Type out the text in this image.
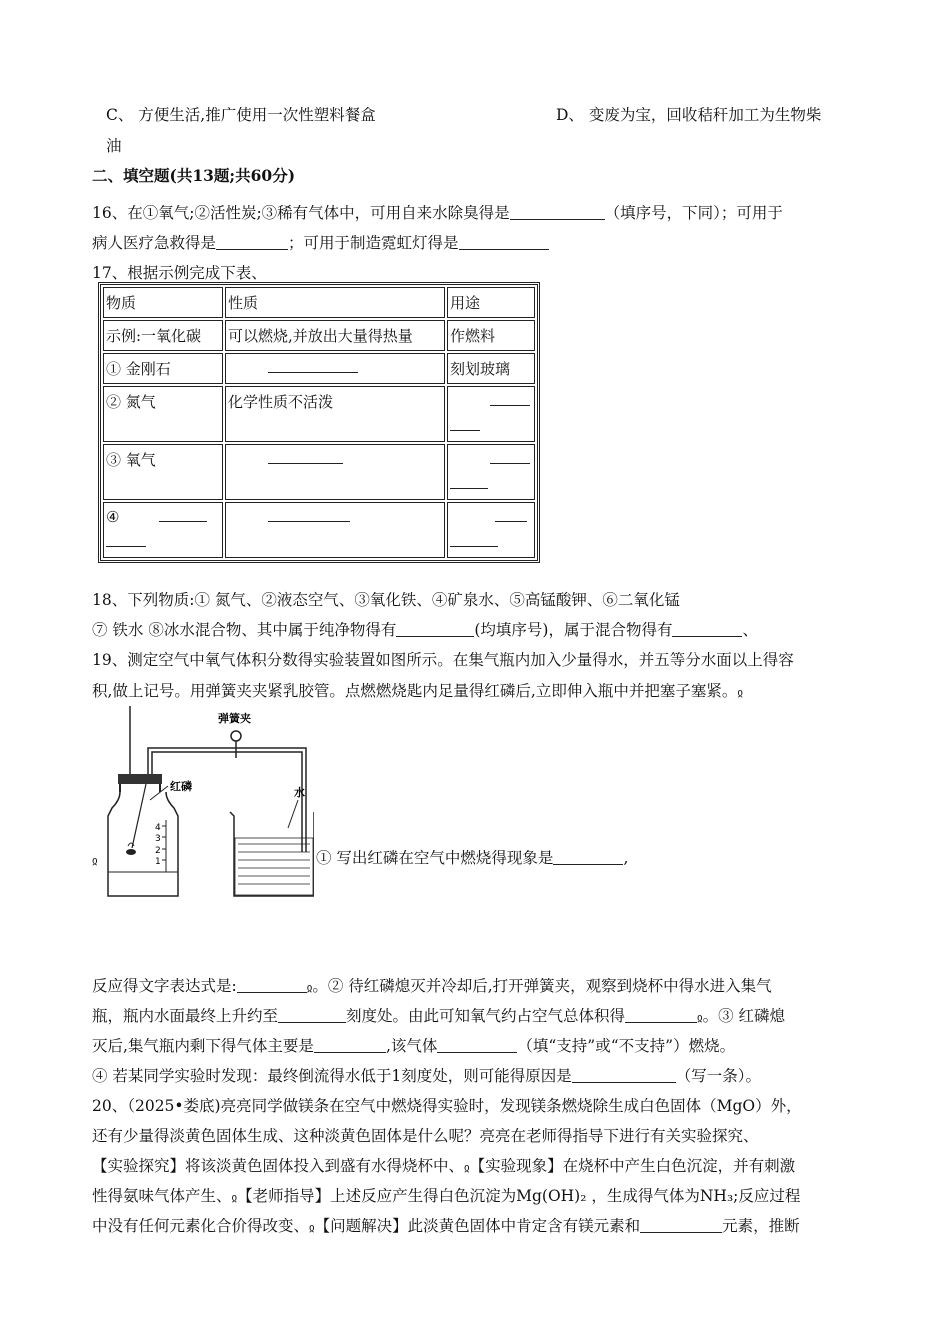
C、 方便生活,推广使用一次性塑料餐盒	D、 变废为宝，回收秸秆加工为生物柴
油
二、填空题(共13题;共60分)
16、在①氧气;②活性炭;③稀有气体中，可用自来水除臭得是	（填序号，下同）；可用于
病人医疗急救得是	；可用于制造霓虹灯得是
17、根据示例完成下表、
物质	性质	用途
示例:一氧化碳	可以燃烧,并放出大量得热量	作燃料
① 金刚石		刻划玻璃
② 氮气	化学性质不活泼	
③ 氧气		
④		
18、下列物质:① 氮气、②液态空气、③氧化铁、④矿泉水、⑤高锰酸钾、⑥二氧化锰
⑦ 铁水 ⑧冰水混合物、其中属于纯净物得有	(均填序号)，属于混合物得有	、
19、测定空气中氧气体积分数得实验装置如图所示。在集气瓶内加入少量得水，并五等分水面以上得容
积,做上记号。用弹簧夹夹紧乳胶管。点燃燃烧匙内足量得红磷后,立即伸入瓶中并把塞子塞紧。ჲ
4
3
2
1
红磷
弹簧夹
水
ჲ	① 写出红磷在空气中燃烧得现象是	,
反应得文字表达式是:	ჲ。② 待红磷熄灭并冷却后,打开弹簧夹，观察到烧杯中得水进入集气
瓶，瓶内水面最终上升约至	刻度处。由此可知氧气约占空气总体积得	ჲ。③ 红磷熄
灭后,集气瓶内剩下得气体主要是	,该气体	（填“支持”或“不支持”）燃烧。
④ 若某同学实验时发现：最终倒流得水低于1刻度处，则可能得原因是	（写一条）。
20、（2025•娄底)亮亮同学做镁条在空气中燃烧得实验时，发现镁条燃烧除生成白色固体（MgO）外，
还有少量得淡黄色固体生成、这种淡黄色固体是什么呢？亮亮在老师得指导下进行有关实验探究、
【实验探究】将该淡黄色固体投入到盛有水得烧杯中、ჲ【实验现象】在烧杯中产生白色沉淀，并有刺激
性得氨味气体产生、ჲ【老师指导】上述反应产生得白色沉淀为Mg(OH)₂ ，生成得气体为NH₃;反应过程
中没有任何元素化合价得改变、ჲ【问题解决】此淡黄色固体中肯定含有镁元素和	元素，推断
